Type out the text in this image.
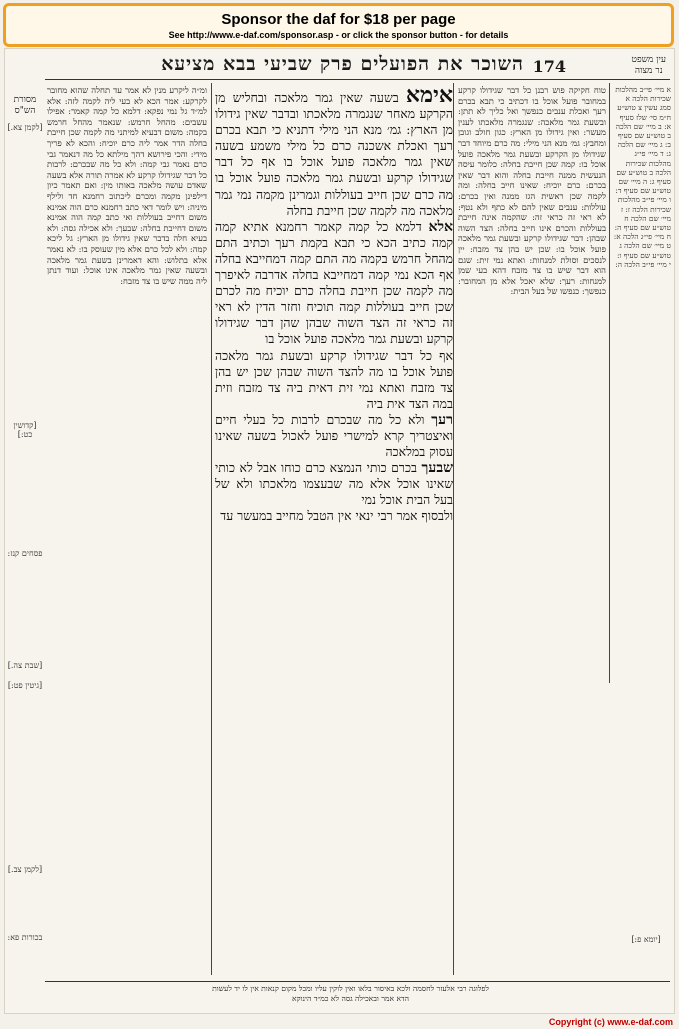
Sponsor the daf for $18 per page
See http://www.e-daf.com/sponsor.asp - or click the sponsor button - for details
עין משפט
נר מצוה
174
השוכר את הפועלים פרק שביעי בבא מציעא
מסורת
הש"ס
א מיי׳ פי״ב מהלכות שכירות הלכה א סמג עשין צ טוש״ע ח״מ סי׳ שלז סעיף א: ב מיי׳ שם הלכה ב טוש״ע שם סעיף ב: ג מיי׳ שם הלכה ג: ד מיי׳ פי״ג מהלכות שכירות הלכה ב טוש״ע שם סעיף ג: ה מיי׳ שם טוש״ע שם סעיף ד: ו מיי׳ פי״ב מהלכות שכירות הלכה ז: ז מיי׳ שם הלכה ח טוש״ע שם סעיף ה: ח מיי׳ פי״ג הלכה א: ט מיי׳ שם הלכה ג טוש״ע שם סעיף ו: י מיי׳ פי״ב הלכה ה:
[לקמן צא.]
[קדושין כט:]
פסחים קנז:
[שבת צה.]
[גיטין פט:]
[לקמן צב.]
בכורות פא:	[יומא פ:]

ומ״ה ליקרע מנין לא אמר עד תחלה שהוא מחובר לקרקע: אמר הכא לא בעי ליה לקמה לזה: אלא למ״ד גל נמי נפקא: דלמא כל קמה קאמר: אפילו עשבים: מהחל חרמש: שנאמר מהחל חרמש בקמה: משום דבעיא למיתני מה לקמה שכן חייבת בחלה הדר אמר ליה כרם יוכיח: והכא לא פריך מידי: והכי פירושא דהך מילתא כל מה דנאמר גבי כרם נאמר גבי קמה: ולא כל מה שבכרם: לרבות כל דבר שגידולו קרקע לא אמרה תורה אלא בשעה שאדם עושה מלאכה באותו מין: ואם תאמר כיון דילפינן מקמה ומכרם ליכתוב רחמנא חד ולילף מיניה: ויש לומר דאי כתב רחמנא כרם הוה אמינא משום דחייב בעוללות ואי כתב קמה הוה אמינא משום דחייבת בחלה: שבעך: ולא אכילה גסה: ולא בעיא חלה בדבר שאין גידולו מן הארץ: גל ליכא קמה: ולא לכל כרם אלא מין שעוסק בו: לא נאמר אלא בתלוש: והא דאמרינן בשעת גמר מלאכה ובשעה שאין גמר מלאכה אינו אוכל: ועוד דנתן ליה ממה שיש בו צד מזבח:

טוח חקיקה פוש רבנן כל דבר שגידולו קרקע במחובר פועל אוכל בו דכתיב כי תבא בכרם רעך ואכלת ענבים כנפשך ואל כליך לא תתן: ובשעת גמר מלאכה: שנגמרה מלאכתו לענין מעשר: ואין גידולו מן הארץ: כגון חולב וגובן ומחבץ: גמ׳ מנא הני מילי: מה כרם מיוחד דבר שגידולו מן הקרקע ובשעת גמר מלאכה פועל אוכל בו: קמה שכן חייבת בחלה: כלומר עיסה הנעשית ממנה חייבת בחלה והוא דבר שאין בכרם: כרם יוכיח: שאינו חייב בחלה: ומה לקמה שכן ראשית הגז ממנה ואין בכרם: עוללות: ענבים שאין להם לא כתף ולא נטף: לא ראי זה כראי זה: שהקמה אינה חייבת בעוללות והכרם אינו חייב בחלה: הצד השוה שבהן: דבר שגידולו קרקע ובשעת גמר מלאכה פועל אוכל בו: שכן יש בהן צד מזבח: יין לנסכים וסולת למנחות: ואתא נמי זית: שגם הוא דבר שיש בו צד מזבח דהא בעי שמן למנחות: רעך: שלא יאכל אלא מן המחובר: כנפשך: כנפשו של בעל הבית:

אימא בשעה שאין גמר מלאכה ובחליש מן הקרקע מאחר שנגמרה מלאכתו ובדבר שאין גידולו מן הארץ: גמ׳ מנא הני מילי דתניא כי תבא בכרם רעך ואכלת אשכנה כרם כל מילי משמע בשעה שאין גמר מלאכה פועל אוכל בו אף כל דבר שגידולו קרקע ובשעת גמר מלאכה פועל אוכל בו מה כרם שכן חייב בעוללות וגמרינן מקמה נמי גמר מלאכה מה לקמה שכן חייבת בחלה

אלא דלמא כל קמה קאמר רחמנא אתיא קמה קמה כתיב הכא כי תבא בקמת רעך וכתיב התם מהחל חרמש בקמה מה התם קמה דמחייבא בחלה אף הכא נמי קמה דמחייבא בחלה אדרבה לאיפרך מה לקמה שכן חייבת בחלה כרם יוכיח מה לכרם שכן חייב בעוללות קמה תוכיח וחזר הדין לא ראי זה כראי זה הצד השוה שבהן שהן דבר שגידולו קרקע ובשעת גמר מלאכה פועל אוכל בו

אף כל דבר שגידולו קרקע ובשעת גמר מלאכה פועל אוכל בו מה להצד השוה שבהן שכן יש בהן צד מזבח ואתא נמי זית דאית ביה צד מזבח וזית במה הצד אית ביה

רעך ולא כל מה שבכרם לרבות כל בעלי חיים ואיצטריך קרא למישרי פועל לאכול בשעה שאינו עסוק במלאכה

שבעך בכרם כותי הנמצא כרם כוחו אבל לא כותי שאינו אוכל אלא מה שבעצמו מלאכתו ולא של בעל הבית אוכל נמי

ולבסוף אמר רבי ינאי אין הטבל מחייב במעשר עד

לפלוגה רבי אלעזר לחסמה ולכא באיסור בלאו ואין לוקין עליו ומכל מקום קנאות אין לו יד לעשות
הדא אמר ובאכילה גסה לא כמ״ד הינוקא
Copyright (c) www.e-daf.com
